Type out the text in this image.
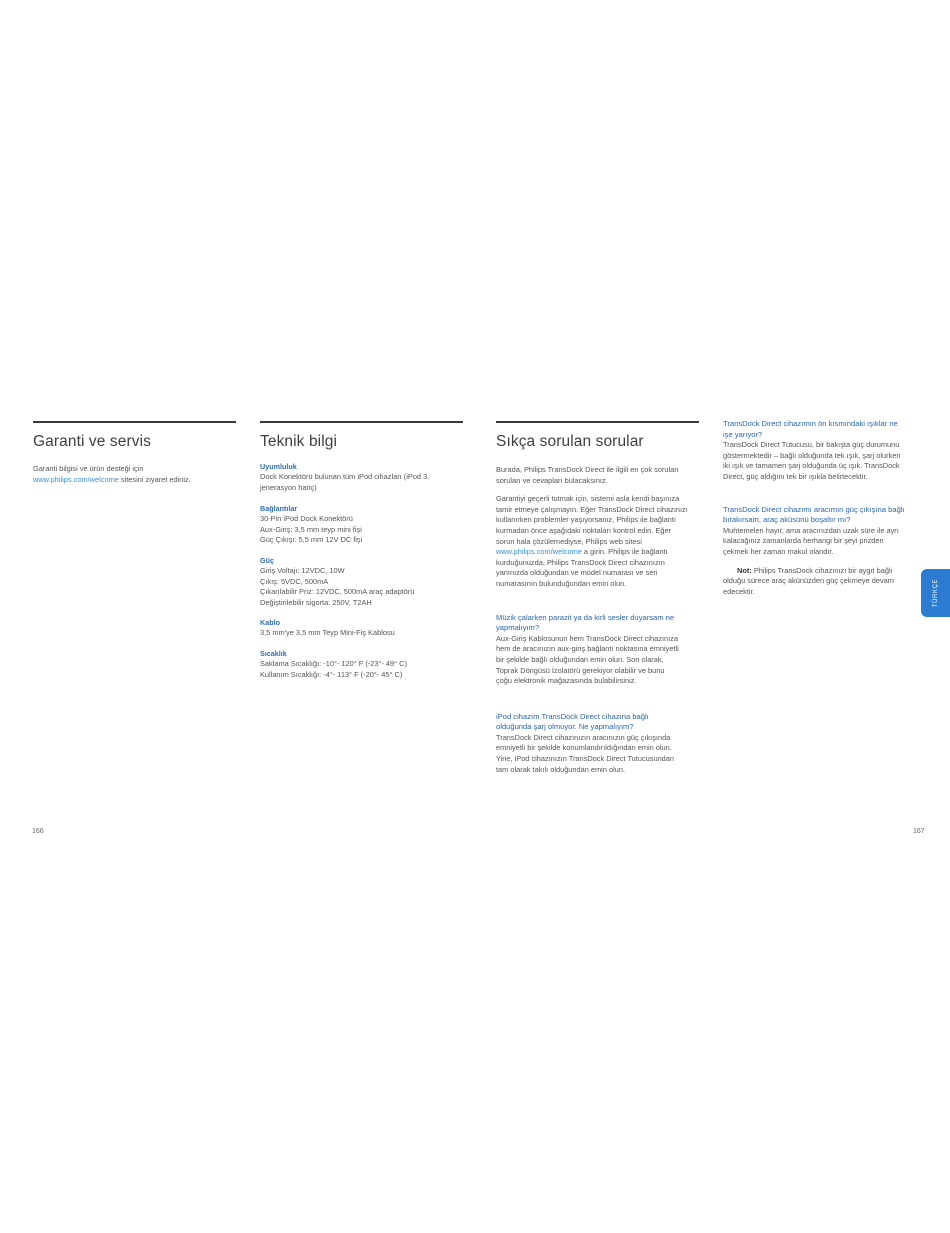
Garanti ve servis

Garanti bilgisi ve ürün desteği için

www.philips.com/welcome sitesini ziyaret ediniz.

Teknik bilgi

Uyumluluk

Dock Konektörü bulunan tüm iPod cihazları (iPod 3.

jenerasyon hariç)

Bağlantılar

30-Pin iPod Dock Konektörü

Aux-Giriş: 3,5 mm teyp mini fişi

Güç Çıkışı: 5,5 mm 12V DC fişi

Güç

Giriş Voltajı: 12VDC, 10W

Çıkış: 5VDC, 500mA

Çıkarılabilir Priz: 12VDC, 500mA araç adaptörü

Değiştirilebilir sigorta: 250V, T2AH

Kablo

3,5 mm'ye 3,5 mm Teyp Mini-Fiş Kablosu

Sıcaklık

Saklama Sıcaklığı: -10°- 120° F (-23°- 49° C)

Kullanım Sıcaklığı: -4°- 113° F (-20°- 45° C)

Sıkça sorulan sorular

Burada, Philips TransDock Direct ile ilgili en çok sorulan

soruları ve cevapları bulacaksınız.

Garantiyi geçerli tutmak için, sistemi asla kendi başınıza

tamir etmeye çalışmayın. Eğer TransDock Direct cihazınızı

kullanırken problemler yaşıyorsanız, Philips ile bağlantı

kurmadan önce aşağıdaki noktaları kontrol edin. Eğer

sorun hala çözülemediyse, Philips web sitesi

www.philips.com/welcome a girin. Philips ile bağlantı

kurduğunuzda, Philips TransDock Direct cihazınızın

yanınızda olduğundan ve model numarası ve seri

numarasının bulunduğundan emin olun.

Müzik çalarken parazit ya da kirli sesler duyarsam ne

yapmalıyım?

Aux-Giriş Kablosunun hem TransDock Direct cihazınıza

hem de aracınızın aux-giriş bağlantı noktasına emniyetli

bir şekilde bağlı olduğundan emin olun. Son olarak,

Toprak Döngüsü İzolatörü gerekiyor olabilir ve bunu

çoğu elektronik mağazasında bulabilirsiniz.

iPod cihazım TransDock Direct cihazına bağlı

olduğunda şarj olmuyor. Ne yapmalıyım?

TransDock Direct cihazınızın aracınızın güç çıkışında

emniyetli bir şekilde konumlandırıldığından emin olun.

Yine, iPod cihazınızın TransDock Direct Tutucusundan

tam olarak takılı olduğundan emin olun.

TransDock Direct cihazımın ön kısmındaki ışıklar ne

işe yarıyor?

TransDock Direct Tutucusu, bir bakışta güç durumunu

göstermektedir – bağlı olduğunda tek ışık, şarj olurken

iki ışık ve tamamen şarj olduğunda üç ışık. TransDock

Direct, güç aldığını tek bir ışıkla belirtecektir.

TransDock Direct cihazımı aracımın güç çıkışına bağlı

bırakırsam, araç aküsünü boşaltır mı?

Muhtemelen hayır, ama aracınızdan uzak süre ile ayrı

kalacağınız zamanlarda herhangi bir şeyi prizden

çekmek her zaman makul olandır.

Not: Philips TransDock cihazınızı bir aygıt bağlı

olduğu sürece araç akünüzden güç çekmeye devam

edecektir.

166	167
TÜRKÇE
